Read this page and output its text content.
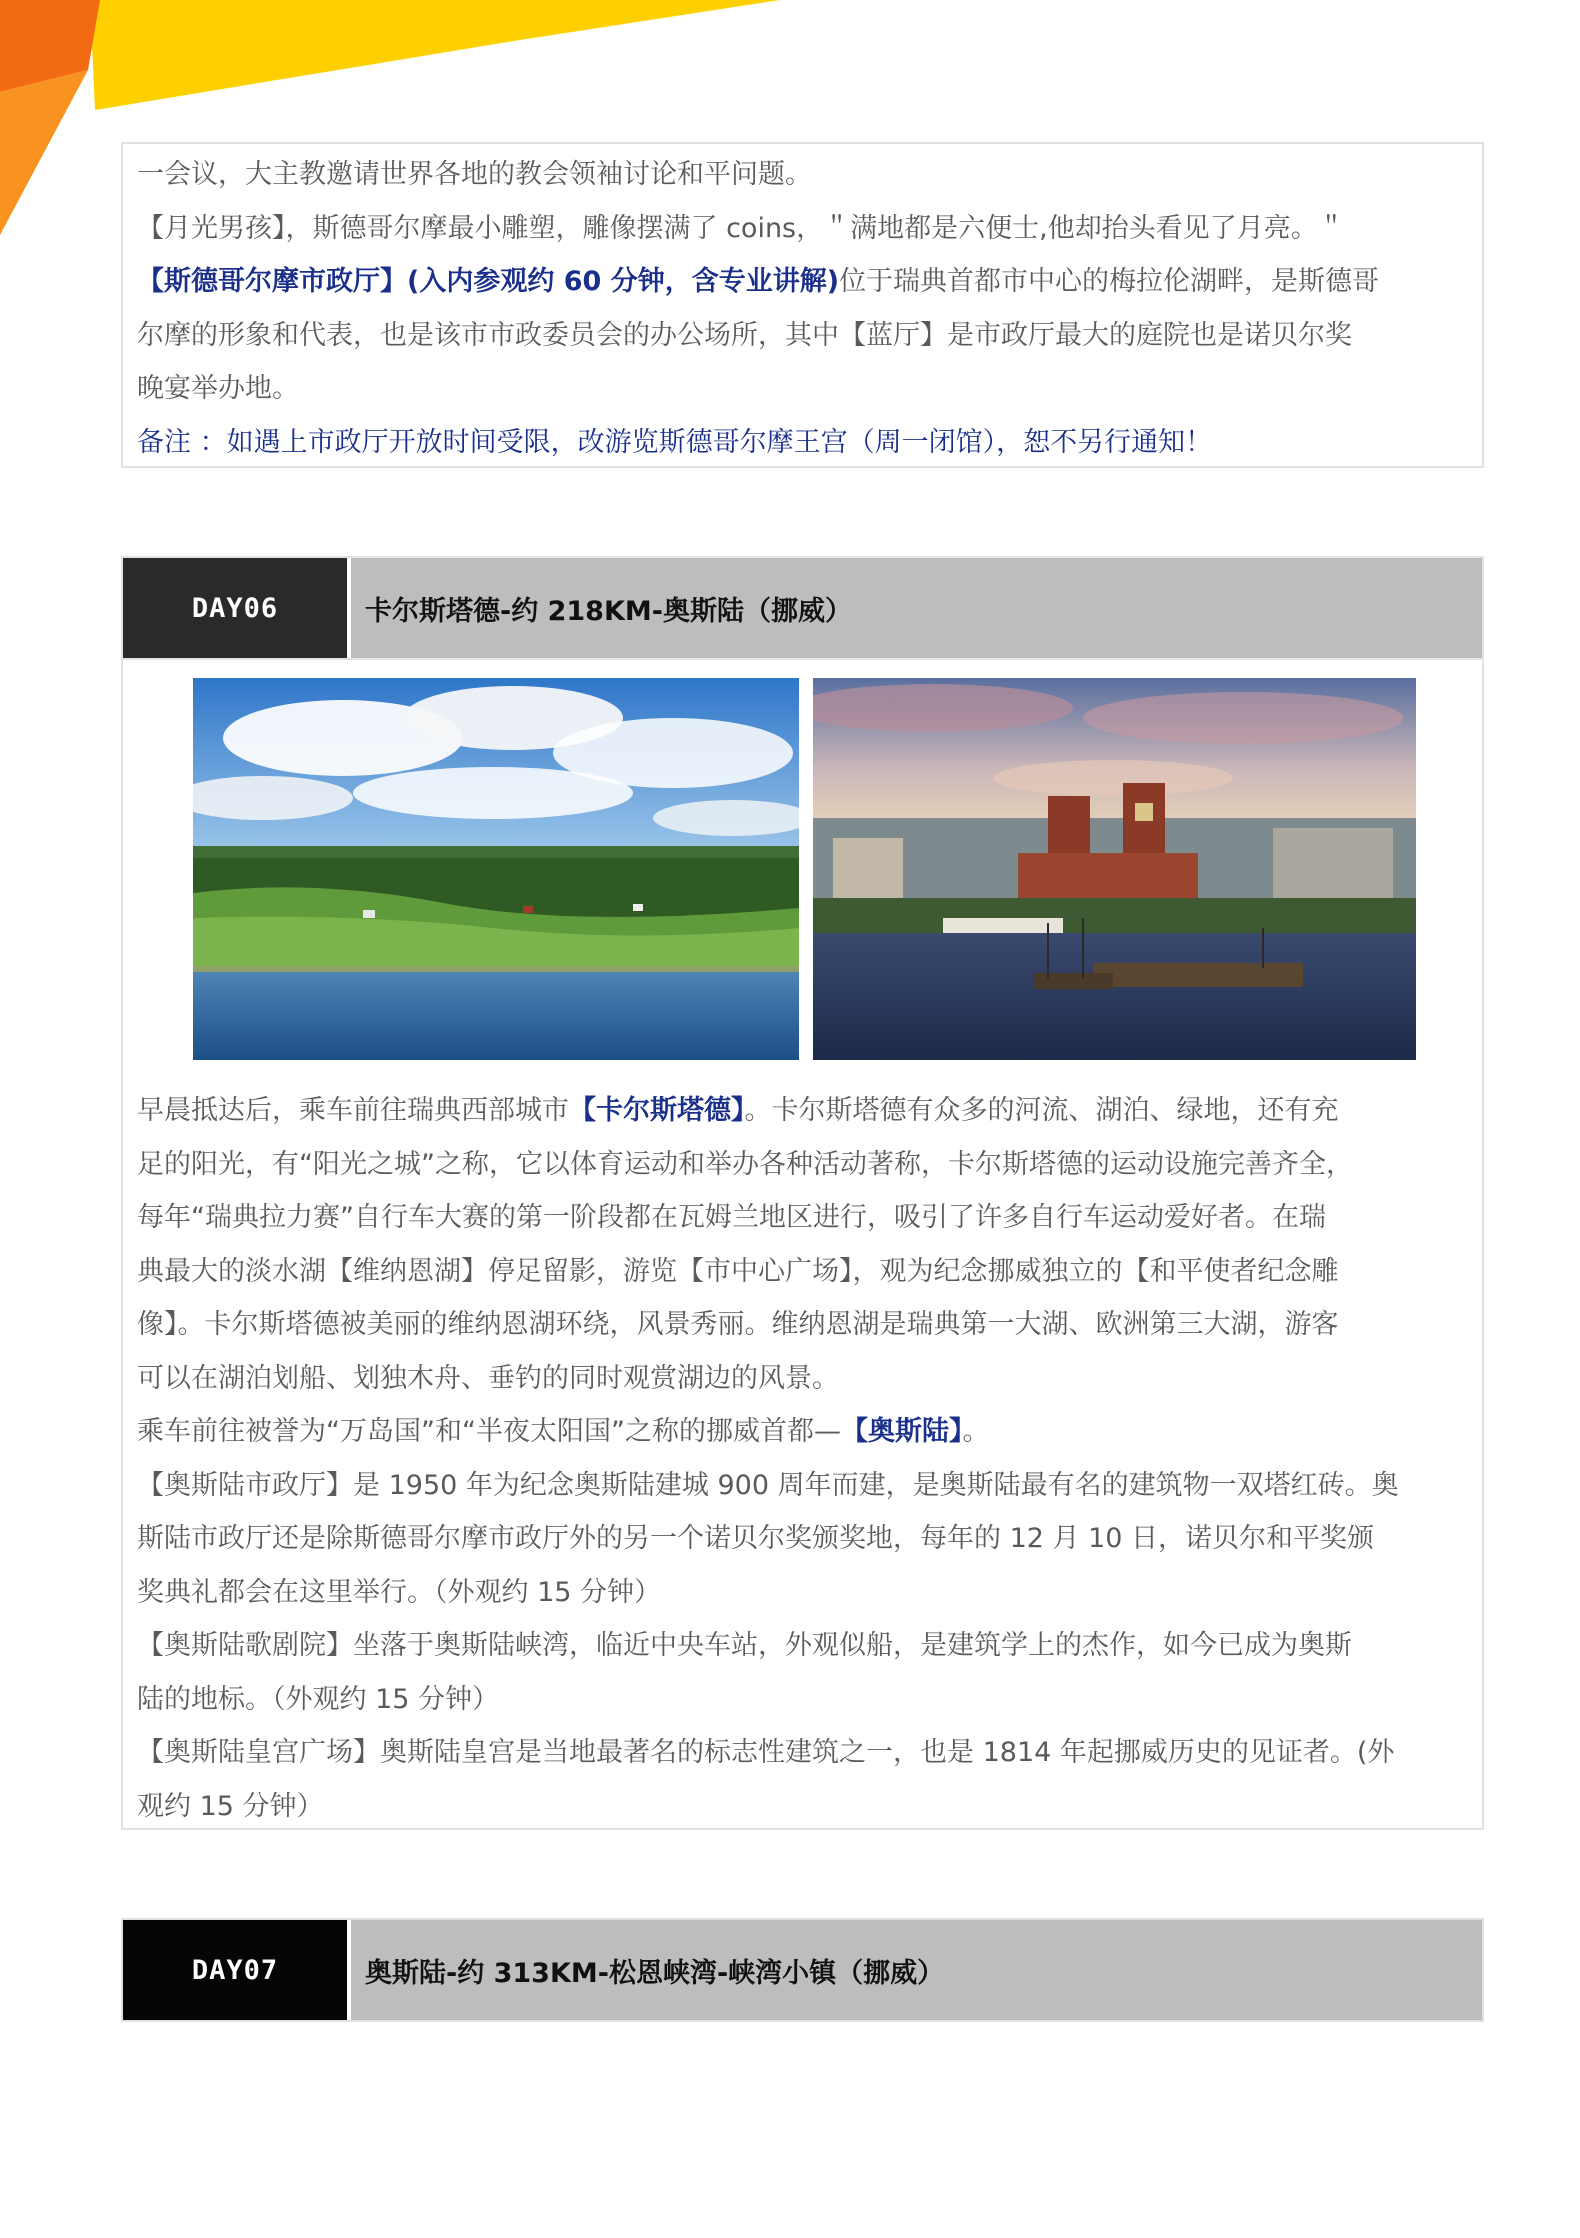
一会议，大主教邀请世界各地的教会领袖讨论和平问题。
【月光男孩】，斯德哥尔摩最小雕塑，雕像摆满了 coins，＂满地都是六便士,他却抬头看见了月亮。＂
【斯德哥尔摩市政厅】(入内参观约 60 分钟，含专业讲解)位于瑞典首都市中心的梅拉伦湖畔，是斯德哥
尔摩的形象和代表，也是该市市政委员会的办公场所，其中【蓝厅】是市政厅最大的庭院也是诺贝尔奖
晚宴举办地。
备注 ：如遇上市政厅开放时间受限，改游览斯德哥尔摩王宫（周一闭馆），恕不另行通知！
DAY06	卡尔斯塔德-约 218KM-奥斯陆（挪威）
早晨抵达后，乘车前往瑞典西部城市【卡尔斯塔德】。卡尔斯塔德有众多的河流、湖泊、绿地，还有充
足的阳光，有“阳光之城”之称，它以体育运动和举办各种活动著称，卡尔斯塔德的运动设施完善齐全，
每年“瑞典拉力赛”自行车大赛的第一阶段都在瓦姆兰地区进行，吸引了许多自行车运动爱好者。在瑞
典最大的淡水湖【维纳恩湖】停足留影，游览【市中心广场】，观为纪念挪威独立的【和平使者纪念雕
像】。卡尔斯塔德被美丽的维纳恩湖环绕，风景秀丽。维纳恩湖是瑞典第一大湖、欧洲第三大湖，游客
可以在湖泊划船、划独木舟、垂钓的同时观赏湖边的风景。
乘车前往被誉为“万岛国”和“半夜太阳国”之称的挪威首都—【奥斯陆】。
【奥斯陆市政厅】是 1950 年为纪念奥斯陆建城 900 周年而建，是奥斯陆最有名的建筑物一双塔红砖。奥
斯陆市政厅还是除斯德哥尔摩市政厅外的另一个诺贝尔奖颁奖地，每年的 12 月 10 日，诺贝尔和平奖颁
奖典礼都会在这里举行。（外观约 15 分钟）
【奥斯陆歌剧院】坐落于奥斯陆峡湾，临近中央车站，外观似船，是建筑学上的杰作，如今已成为奥斯
陆的地标。（外观约 15 分钟）
【奥斯陆皇宫广场】奥斯陆皇宫是当地最著名的标志性建筑之一，也是 1814 年起挪威历史的见证者。(外
观约 15 分钟）
DAY07	奥斯陆-约 313KM-松恩峡湾-峡湾小镇（挪威）
